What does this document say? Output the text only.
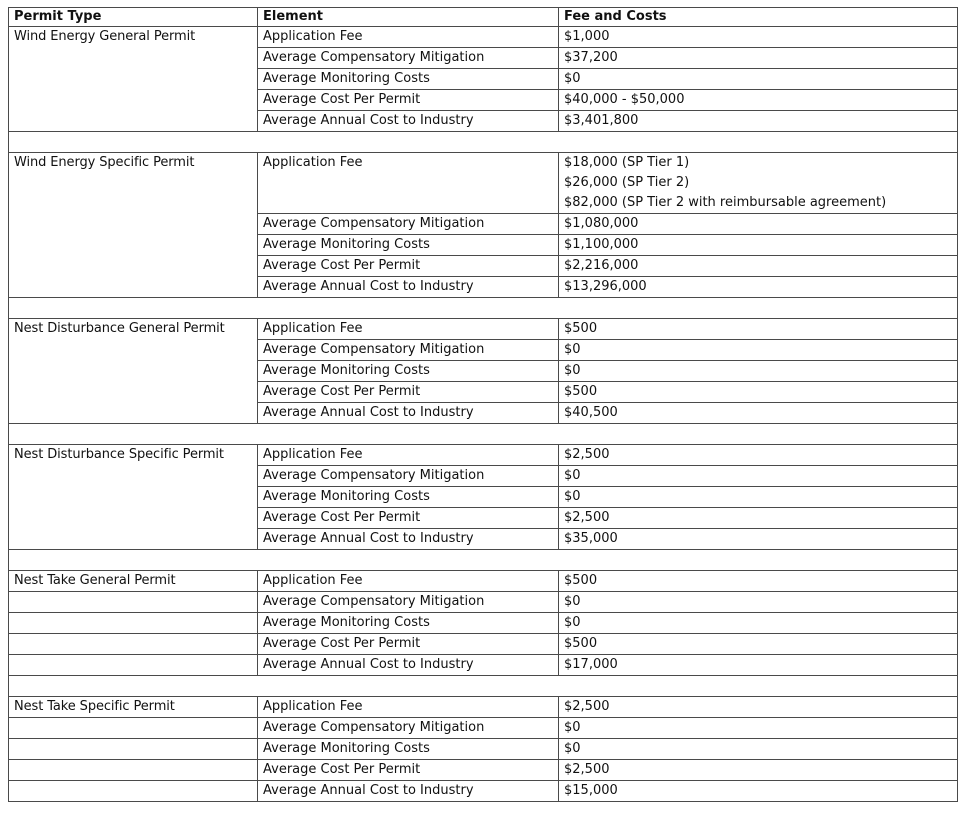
Permit Type	Element	Fee and Costs
Wind Energy General Permit	Application Fee	$1,000
	Average Compensatory Mitigation	$37,200
	Average Monitoring Costs	$0
	Average Cost Per Permit	$40,000 - $50,000
	Average Annual Cost to Industry	$3,401,800

Wind Energy Specific Permit	Application Fee	$18,000 (SP Tier 1)
$26,000 (SP Tier 2)
$82,000 (SP Tier 2 with reimbursable agreement)

	Average Compensatory Mitigation	$1,080,000
	Average Monitoring Costs	$1,100,000
	Average Cost Per Permit	$2,216,000
	Average Annual Cost to Industry	$13,296,000

Nest Disturbance General Permit	Application Fee	$500
	Average Compensatory Mitigation	$0
	Average Monitoring Costs	$0
	Average Cost Per Permit	$500
	Average Annual Cost to Industry	$40,500

Nest Disturbance Specific Permit	Application Fee	$2,500
	Average Compensatory Mitigation	$0
	Average Monitoring Costs	$0
	Average Cost Per Permit	$2,500
	Average Annual Cost to Industry	$35,000

Nest Take General Permit	Application Fee	$500
	Average Compensatory Mitigation	$0
	Average Monitoring Costs	$0
	Average Cost Per Permit	$500
	Average Annual Cost to Industry	$17,000

Nest Take Specific Permit	Application Fee	$2,500
	Average Compensatory Mitigation	$0
	Average Monitoring Costs	$0
	Average Cost Per Permit	$2,500
	Average Annual Cost to Industry	$15,000
